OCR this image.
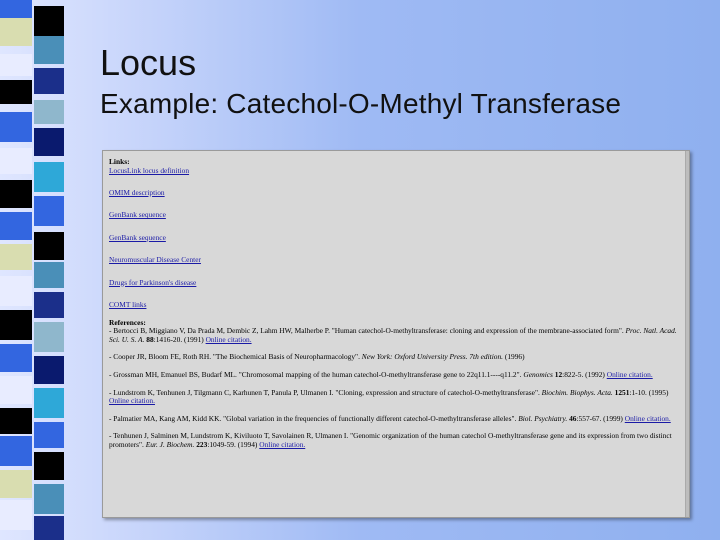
Locus
Example: Catechol-O-Methyl Transferase
Links:
LocusLink locus definition
OMIM description
GenBank sequence
GenBank sequence
Neuromuscular Disease Center
Drugs for Parkinson's disease
COMT links
References:
- Bertocci B, Miggiano V, Da Prada M, Dembic Z, Lahm HW, Malherbe P. "Human catechol-O-methyltransferase: cloning and expression of the membrane-associated form". Proc. Natl. Acad. Sci. U. S. A. 88:1416-20. (1991) Online citation.
- Cooper JR, Bloom FE, Roth RH. "The Biochemical Basis of Neuropharmacology". New York: Oxford University Press. 7th edition. (1996)
- Grossman MH, Emanuel BS, Budarf ML. "Chromosomal mapping of the human catechol-O-methyltransferase gene to 22q11.1----q11.2". Genomics 12:822-5. (1992) Online citation.
- Lundstrom K, Tenhunen J, Tilgmann C, Karhunen T, Panula P, Ulmanen I. "Cloning, expression and structure of catechol-O-methyltransferase". Biochim. Biophys. Acta. 1251:1-10. (1995) Online citation.
- Palmatier MA, Kang AM, Kidd KK. "Global variation in the frequencies of functionally different catechol-O-methyltransferase alleles". Biol. Psychiatry. 46:557-67. (1999) Online citation.
- Tenhunen J, Salminen M, Lundstrom K, Kiviluoto T, Savolainen R, Ulmanen I. "Genomic organization of the human catechol O-methyltransferase gene and its expression from two distinct promoters". Eur. J. Biochem. 223:1049-59. (1994) Online citation.
